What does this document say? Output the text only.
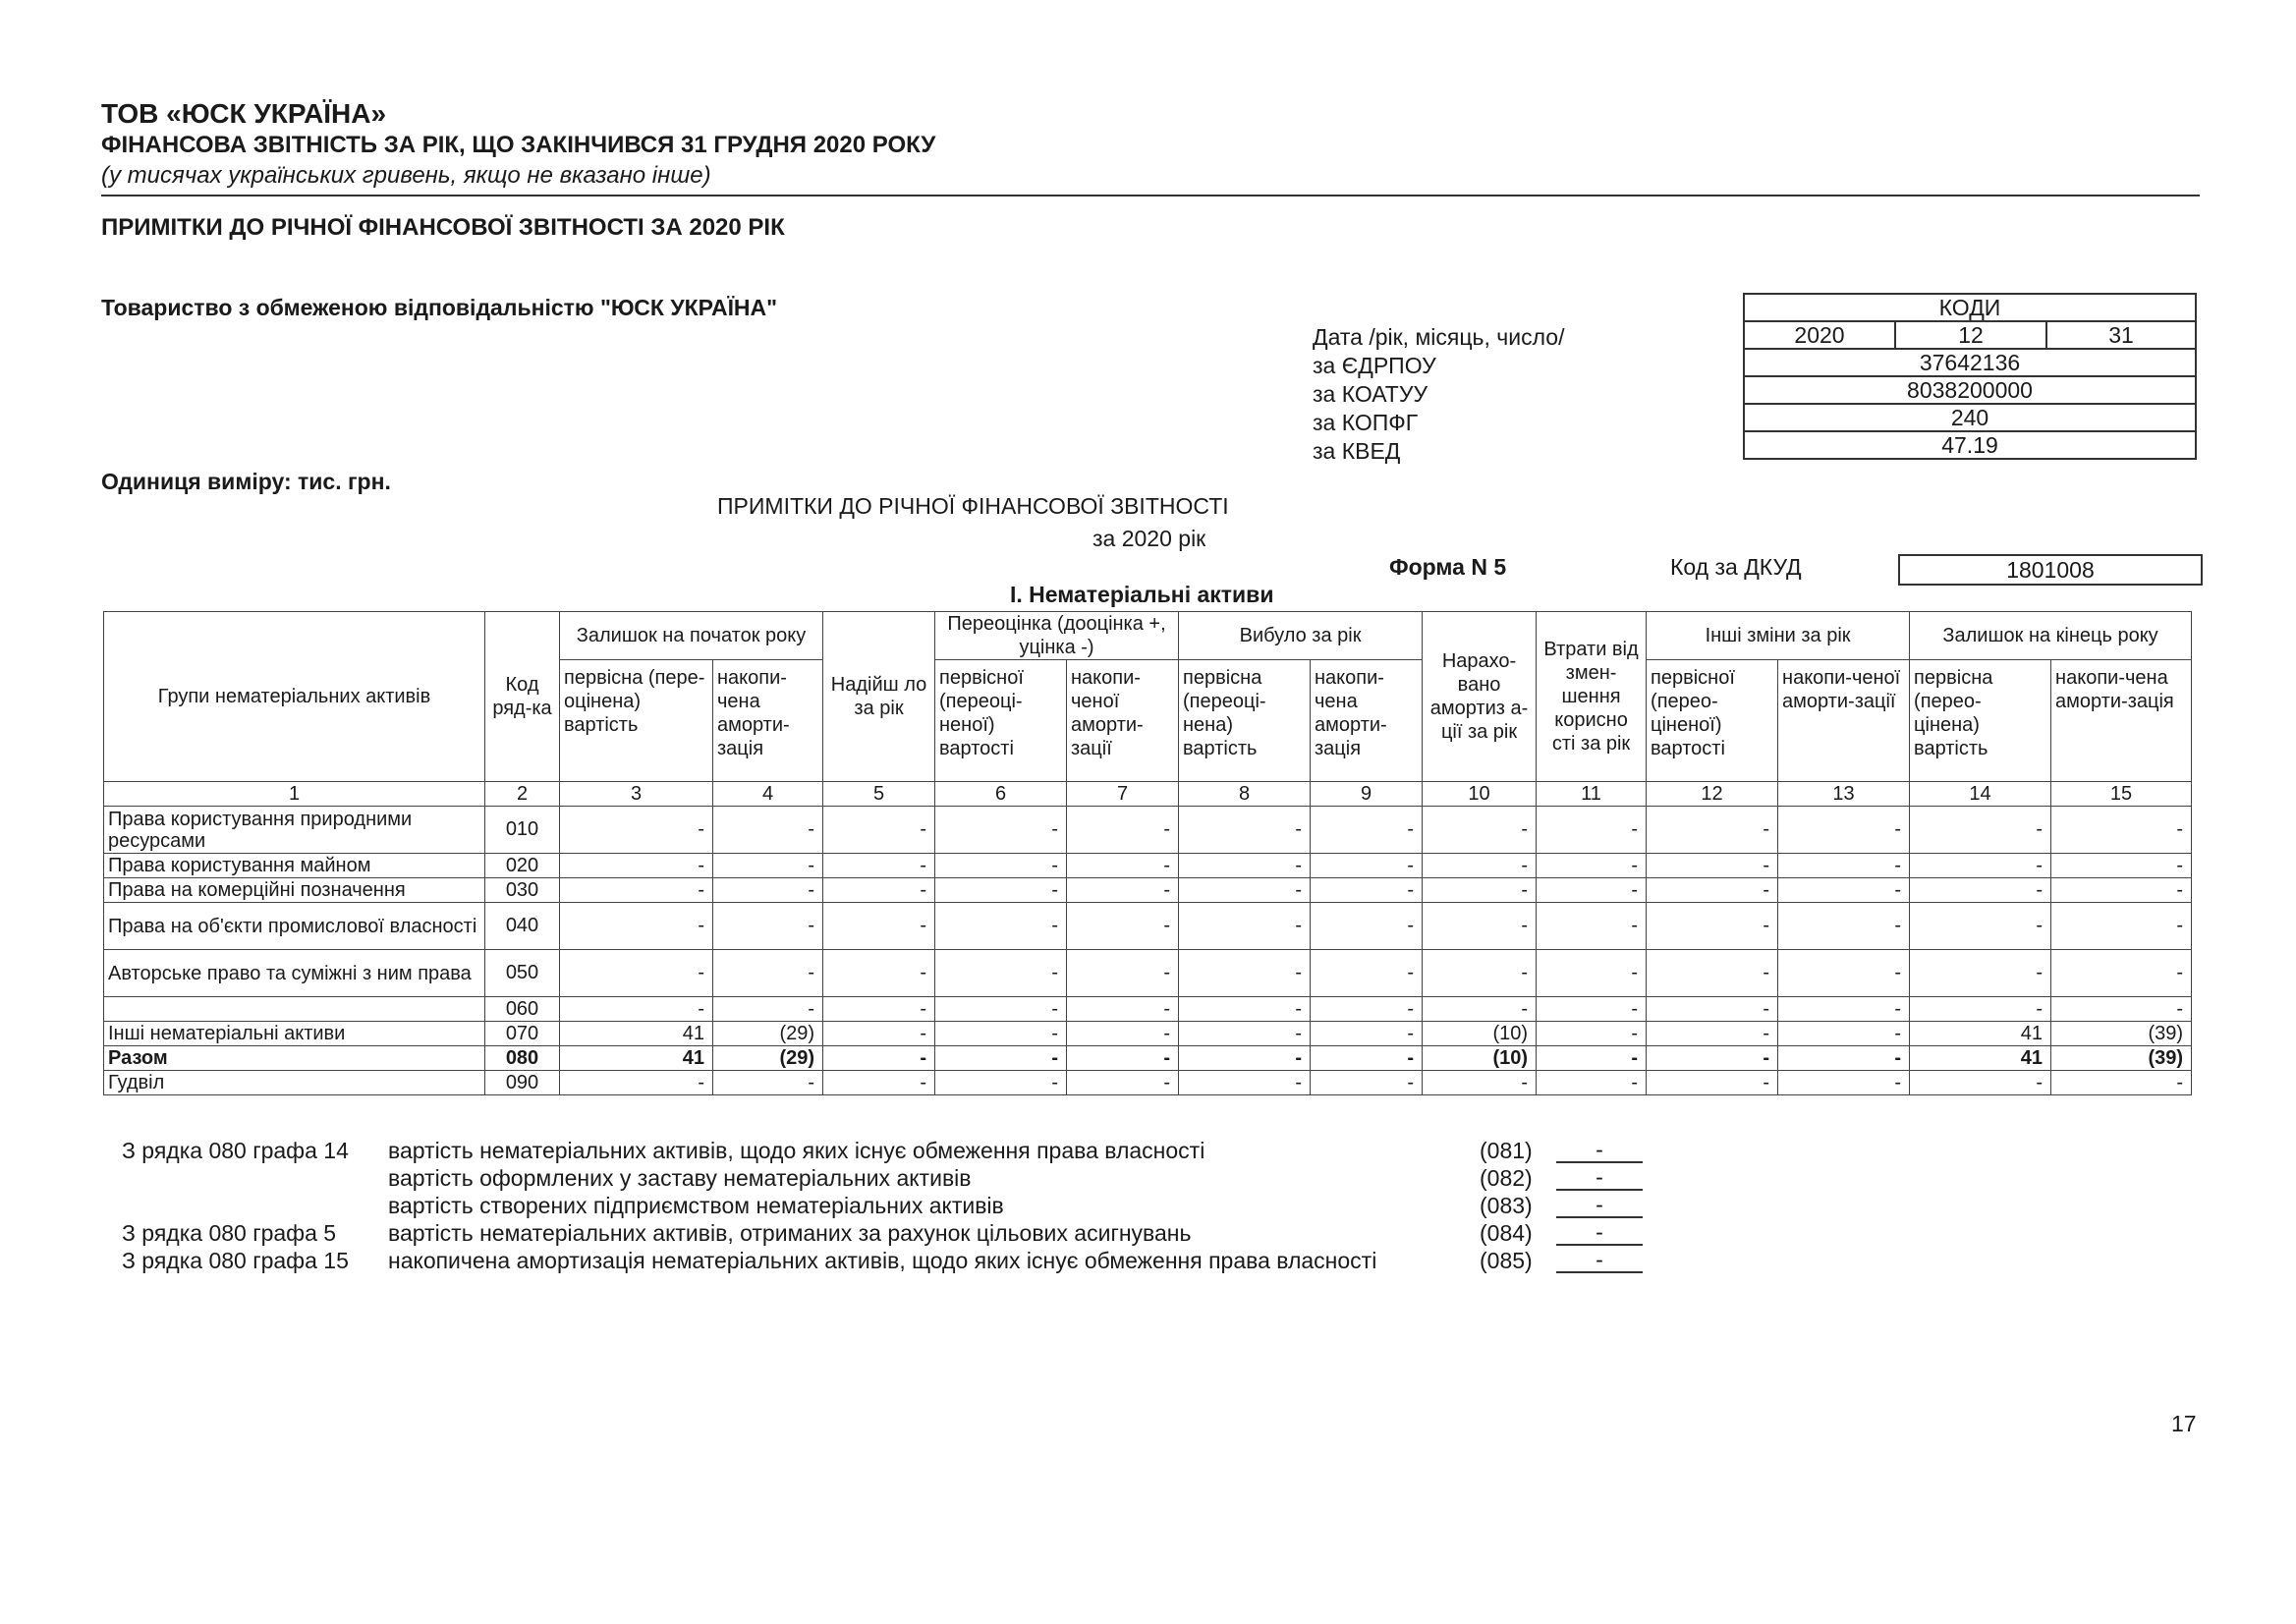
ТОВ «ЮСК УКРАЇНА»
ФІНАНСОВА ЗВІТНІСТЬ ЗА РІК, ЩО ЗАКІНЧИВСЯ 31 ГРУДНЯ 2020 РОКУ
(у тисячах українських гривень, якщо не вказано інше)
ПРИМІТКИ ДО РІЧНОЇ ФІНАНСОВОЇ ЗВІТНОСТІ ЗА 2020 РІК
Товариство з обмеженою відповідальністю "ЮСК УКРАЇНА"
Одиниця виміру: тис. грн.
Дата /рік, місяць, число/
за ЄДРПОУ
за КОАТУУ
за КОПФГ
за КВЕД
КОДИ
2020	12	31
37642136
8038200000
240
47.19
ПРИМІТКИ ДО РІЧНОЇ ФІНАНСОВОЇ ЗВІТНОСТІ
за 2020 рік
Форма N 5	Код за ДКУД	1801008
І. Нематеріальні активи
Групи нематеріальних активів	Код ряд-ка	Залишок на початок року		Надійш ло за рік	Переоцінка (дооцінка +, уцінка -)		Вибуло за рік		Нарахо-вано амортиз а-ції за рік	Втрати від змен-шення корисно сті за рік	Інші зміни за рік		Залишок на кінець року	
		первісна (пере-оцінена) вартість	накопи-чена аморти-зація		первісної (переоці-неної) вартості	накопи-ченої аморти-зації	первісна (переоці-нена) вартість	накопи-чена аморти-зація			первісної (перео-ціненої) вартості	накопи-ченої аморти-зації	первісна (перео-цінена) вартість	накопи-чена аморти-зація
1	2	3	4	5	6	7	8	9	10	11	12	13	14	15
Права користування природними ресурсами	010	-	-	-	-	-	-	-	-	-	-	-	-	-
Права користування майном	020	-	-	-	-	-	-	-	-	-	-	-	-	-
Права на комерційні позначення	030	-	-	-	-	-	-	-	-	-	-	-	-	-
Права на об'єкти промислової власності	040	-	-	-	-	-	-	-	-	-	-	-	-	-
Авторське право та суміжні з ним права	050	-	-	-	-	-	-	-	-	-	-	-	-	-
	060	-	-	-	-	-	-	-	-	-	-	-	-	-
Інші нематеріальні активи	070	41	(29)	-	-	-	-	-	(10)	-	-	-	41	(39)
Разом	080	41	(29)	-	-	-	-	-	(10)	-	-	-	41	(39)
Гудвіл	090	-	-	-	-	-	-	-	-	-	-	-	-	-
З рядка 080 графа 14 вартість нематеріальних активів, щодо яких існує обмеження права власності	(081)	-
вартість оформлених у заставу нематеріальних активів	(082)	-
вартість створених підприємством нематеріальних активів	(083)	-
З рядка 080 графа 5 вартість нематеріальних активів, отриманих за рахунок цільових асигнувань	(084)	-
З рядка 080 графа 15 накопичена амортизація нематеріальних активів, щодо яких існує обмеження права власності	(085)	-
17
